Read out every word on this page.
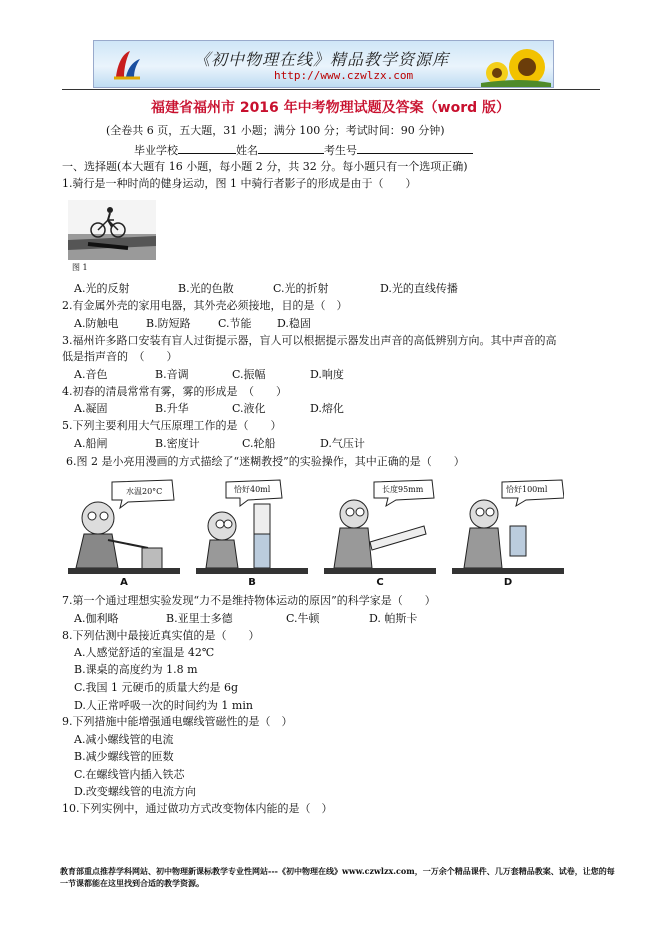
《初中物理在线》精品教学资源库
http://www.czwlzx.com
福建省福州市 2016 年中考物理试题及答案（word 版）
(全卷共 6 页，五大题，31 小题；满分 100 分；考试时间：90 分钟)
毕业学校	姓名	考生号
一、选择题(本大题有 16 小题，每小题 2 分，共 32 分。每小题只有一个选项正确)
1.骑行是一种时尚的健身运动，图 1 中骑行者影子的形成是由于（　　）
图 1
A.光的反射	B.光的色散	C.光的折射	D.光的直线传播
2.有金属外壳的家用电器，其外壳必须接地，目的是（　）
A.防触电	B.防短路 C.节能 D.稳固
3.福州许多路口安装有盲人过街提示器，盲人可以根据提示器发出声音的高低辨别方向。其中声音的高
低是指声音的　（　　）
A.音色	B.音调	C.振幅	D.响度
4.初春的清晨常常有雾，雾的形成是　（　　）
A.凝固	B.升华	C.液化	D.熔化
5.下列主要利用大气压原理工作的是（　　）
A.船闸	B.密度计	C.轮船	D.气压计
6.图 2 是小亮用漫画的方式描绘了“迷糊教授”的实验操作，其中正确的是（　　）
水温20°C
A
恰好40ml
B
长度95mm
C
恰好100ml
D
7.第一个通过理想实验发现“力不是维持物体运动的原因”的科学家是（　　）
A.伽利略	B.亚里士多德	C.牛顿	D. 帕斯卡
8.下列估测中最接近真实值的是（　　）
A.人感觉舒适的室温是 42℃
B.课桌的高度约为 1.8 m
C.我国 1 元硬币的质量大约是 6g
D.人正常呼吸一次的时间约为 1 min
9.下列措施中能增强通电螺线管磁性的是（　）
A.减小螺线管的电流
B.减少螺线管的匝数
C.在螺线管内插入铁芯
D.改变螺线管的电流方向
10.下列实例中，通过做功方式改变物体内能的是（　）
教育部重点推荐学科网站、初中物理新课标教学专业性网站---《初中物理在线》www.czwlzx.com，一万余个精品课件、几万套精品教案、试卷，让您的每一节课都能在这里找到合适的教学资源。
